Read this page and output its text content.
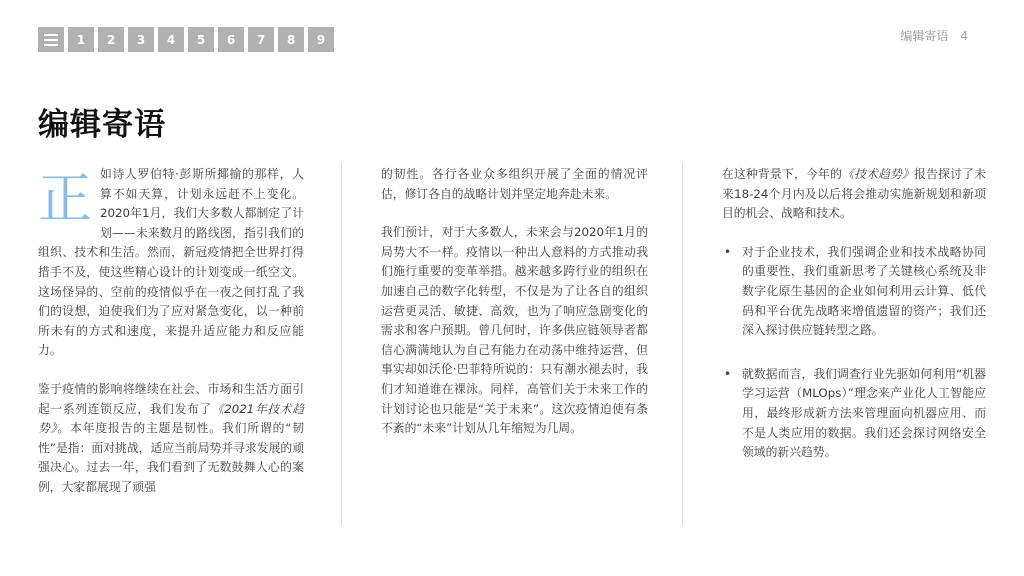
1	2	3	4	5	6	7	8	9	编辑寄语 4
编辑寄语

正如诗人罗伯特·彭斯所揶揄的那样，人算不如天算，计划永远赶不上变化。2020年1月，我们大多数人都制定了计划——未来数月的路线图，指引我们的组织、技术和生活。然而，新冠疫情把全世界打得措手不及，使这些精心设计的计划变成一纸空文。这场怪异的、空前的疫情似乎在一夜之间打乱了我们的设想，迫使我们为了应对紧急变化，以一种前所未有的方式和速度，来提升适应能力和反应能力。

鉴于疫情的影响将继续在社会、市场和生活方面引起一系列连锁反应，我们发布了《2021年技术趋势》。本年度报告的主题是韧性。我们所谓的“韧性”是指：面对挑战，适应当前局势并寻求发展的顽强决心。过去一年，我们看到了无数鼓舞人心的案例，大家都展现了顽强

的韧性。各行各业众多组织开展了全面的情况评估，修订各自的战略计划并坚定地奔赴未来。

我们预计，对于大多数人，未来会与2020年1月的局势大不一样。疫情以一种出人意料的方式推动我们施行重要的变革举措。越来越多跨行业的组织在加速自己的数字化转型，不仅是为了让各自的组织运营更灵活、敏捷、高效，也为了响应急剧变化的需求和客户预期。曾几何时，许多供应链领导者都信心满满地认为自己有能力在动荡中维持运营，但事实却如沃伦·巴菲特所说的：只有潮水褪去时，我们才知道谁在裸泳。同样，高管们关于未来工作的计划讨论也只能是“关于未来”。这次疫情迫使有条不紊的“未来”计划从几年缩短为几周。

在这种背景下，今年的《技术趋势》报告探讨了未来18-24个月内及以后将会推动实施新规划和新项目的机会、战略和技术。

• 对于企业技术，我们强调企业和技术战略协同的重要性，我们重新思考了关键核心系统及非数字化原生基因的企业如何利用云计算、低代码和平台优先战略来增值遗留的资产；我们还深入探讨供应链转型之路。
• 就数据而言，我们调查行业先驱如何利用“机器学习运营（MLOps）”理念来产业化人工智能应用，最终形成新方法来管理面向机器应用、而不是人类应用的数据。我们还会探讨网络安全领域的新兴趋势。
